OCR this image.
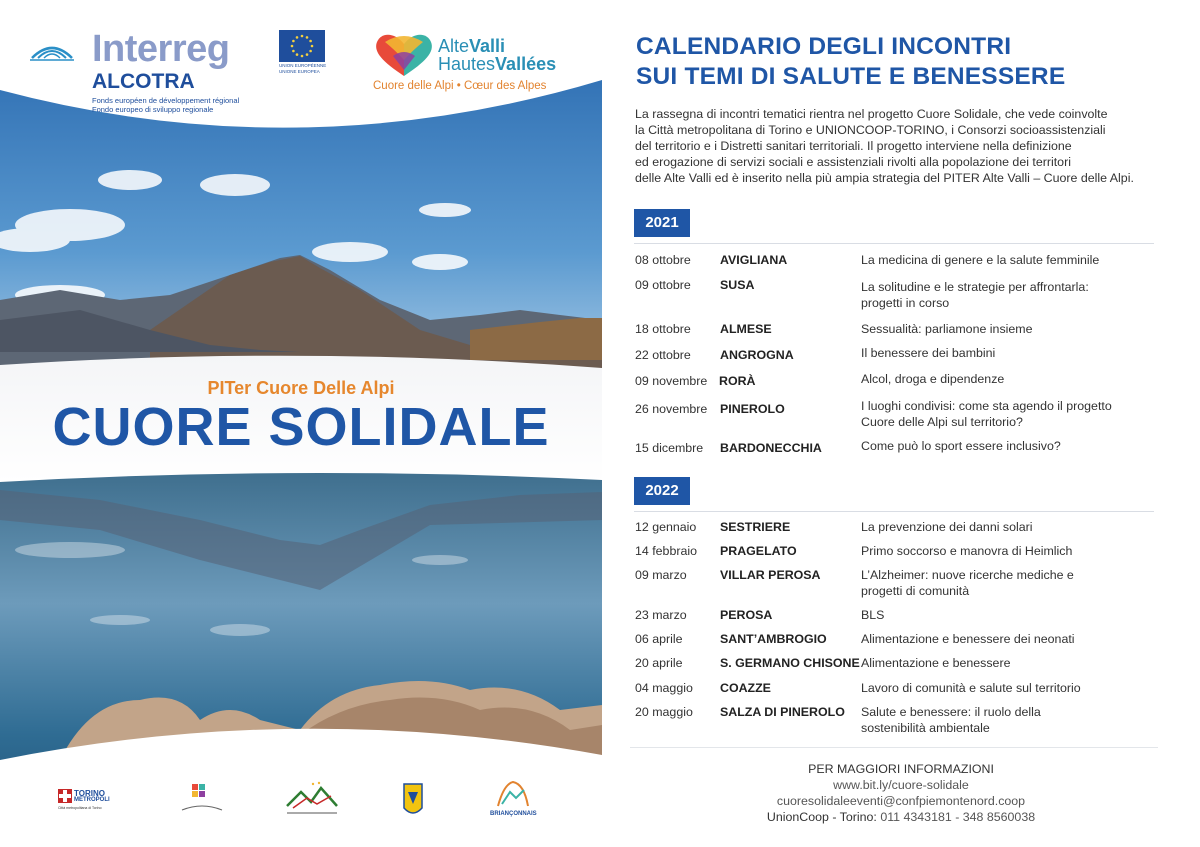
Interreg
ALCOTRA
Fonds européen de développement régional
Fondo europeo di sviluppo regionale
UNION EUROPÉENNE
UNIONE EUROPEA
AlteValli
HautesVallées
Cuore delle Alpi • Cœur des Alpes
PITer Cuore Delle Alpi
CUORE SOLIDALE
TORINO
METROPOLI
Città metropolitana di Torino
BRIANÇONNAIS
CALENDARIO DEGLI INCONTRI
SUI TEMI DI SALUTE E BENESSERE
La rassegna di incontri tematici rientra nel progetto Cuore Solidale, che vede coinvolte
la Città metropolitana di Torino e UNIONCOOP-TORINO, i Consorzi socioassistenziali
del territorio e i Distretti sanitari territoriali. Il progetto interviene nella definizione
ed erogazione di servizi sociali e assistenziali rivolti alla popolazione dei territori
delle Alte Valli ed è inserito nella più ampia strategia del PITER Alte Valli – Cuore delle Alpi.
2021
08 ottobre AVIGLIANA	La medicina di genere e la salute femminile
09 ottobre SUSA	La solitudine e le strategie per affrontarla:
progetti in corso
18 ottobre ALMESE	Sessualità: parliamone insieme
22 ottobre ANGROGNA	Il benessere dei bambini
09 novembre RORÀ	Alcol, droga e dipendenze
26 novembre PINEROLO	I luoghi condivisi: come sta agendo il progetto
Cuore delle Alpi sul territorio?
15 dicembre BARDONECCHIA	Come può lo sport essere inclusivo?
2022
12 gennaio SESTRIERE	La prevenzione dei danni solari
14 febbraio PRAGELATO	Primo soccorso e manovra di Heimlich
09 marzo	VILLAR PEROSA	L’Alzheimer: nuove ricerche mediche e
progetti di comunità
23 marzo	PEROSA	BLS
06 aprile	SANT’AMBROGIO	Alimentazione e benessere dei neonati
20 aprile	S. GERMANO CHISONE Alimentazione e benessere
04 maggio COAZZE	Lavoro di comunità e salute sul territorio
20 maggio SALZA DI PINEROLO Salute e benessere: il ruolo della
sostenibilità ambientale
PER MAGGIORI INFORMAZIONI
www.bit.ly/cuore-solidale
cuoresolidaleeventi@confpiemontenord.coop
UnionCoop - Torino: 011 4343181 - 348 8560038
